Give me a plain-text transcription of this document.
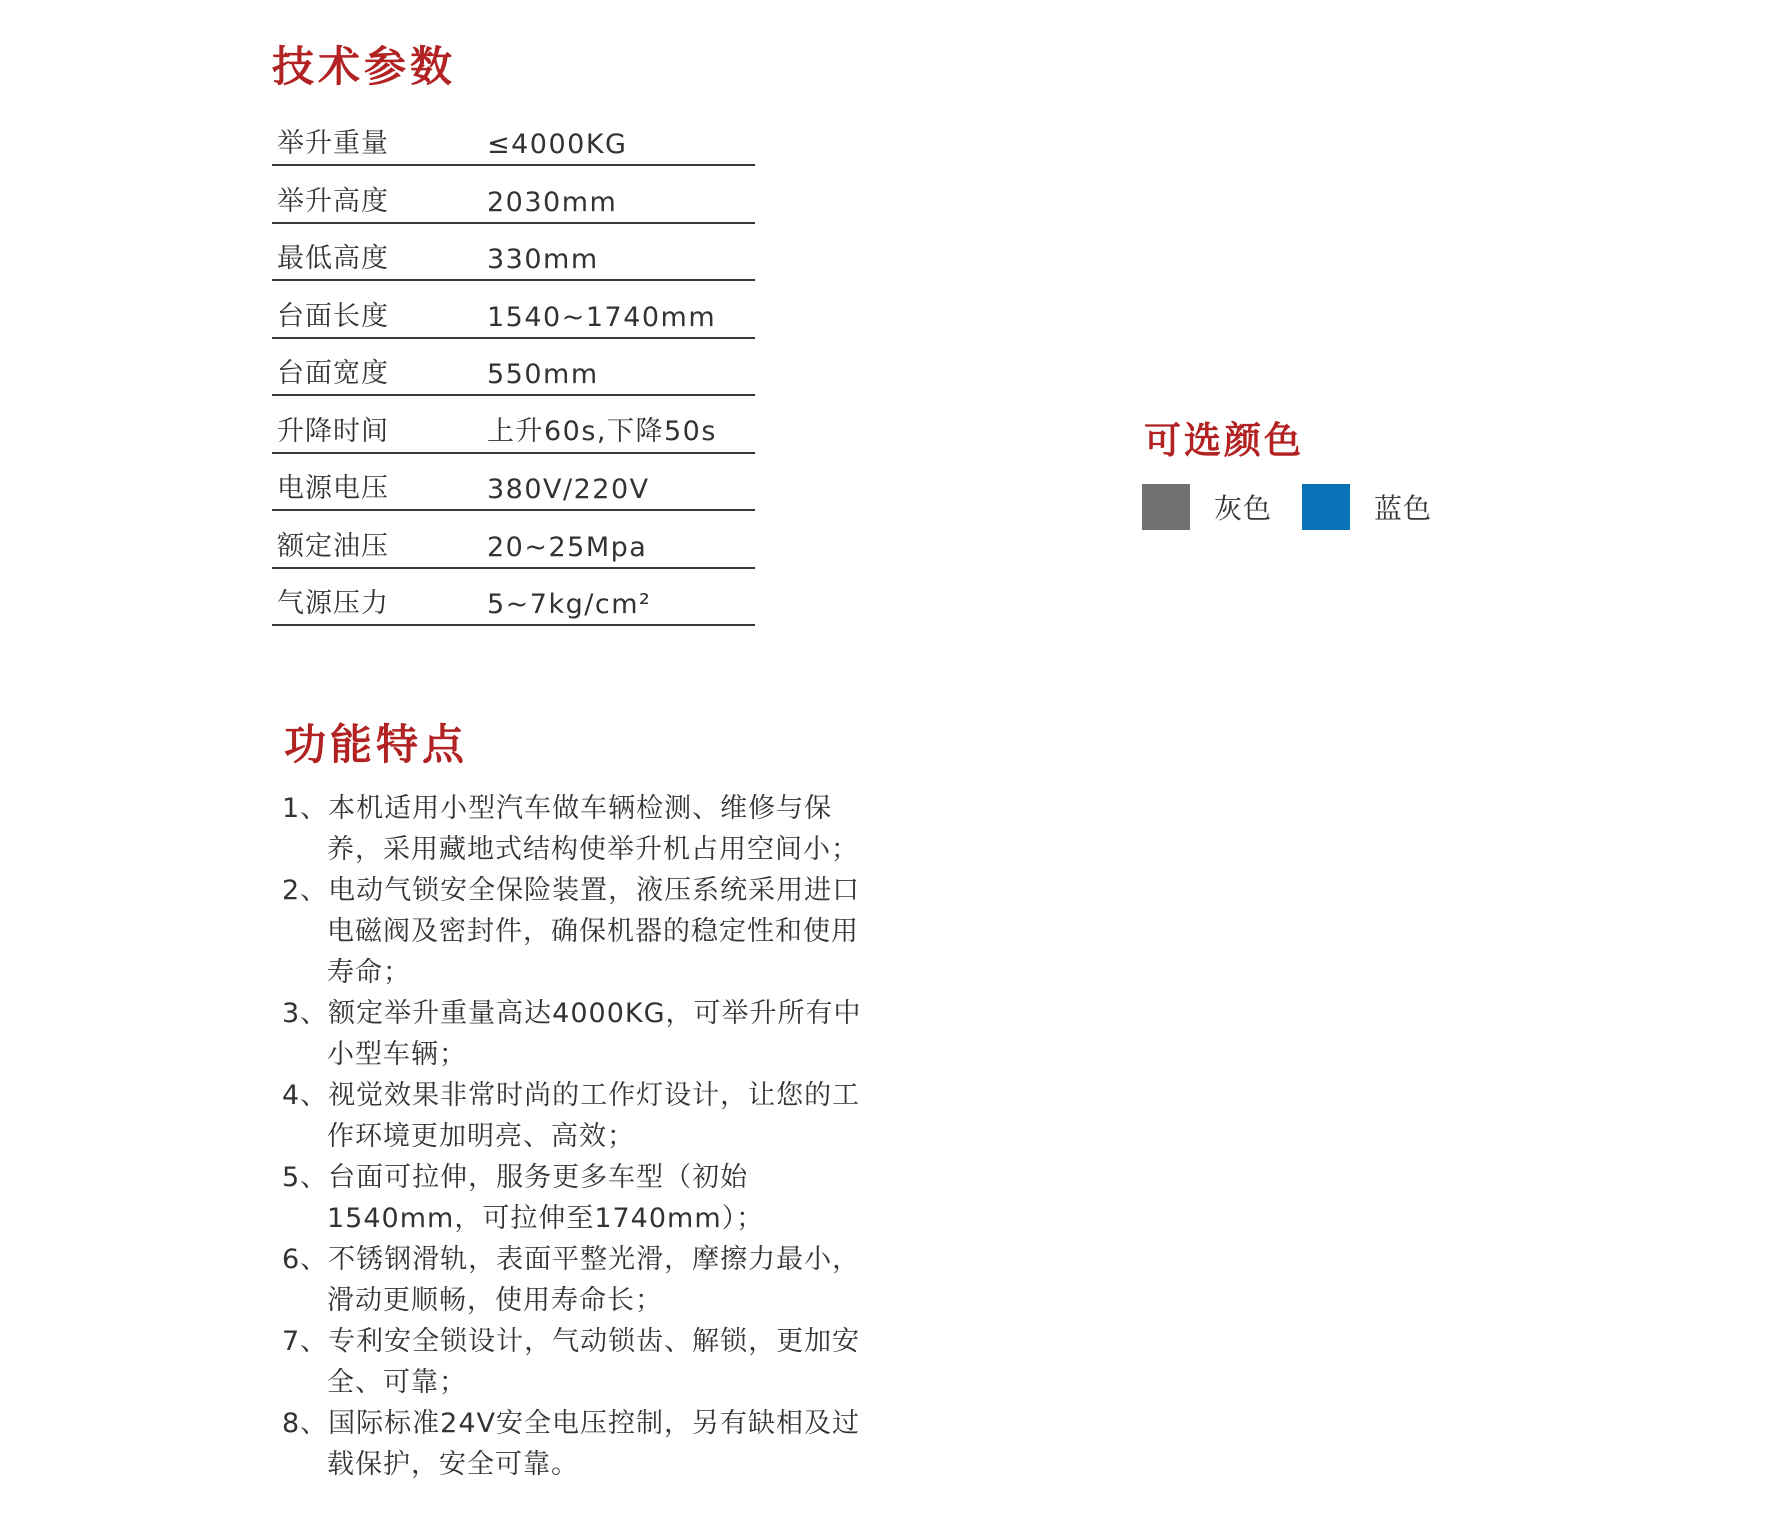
技术参数
举升重量	≤4000KG
举升高度	2030mm
最低高度	330mm
台面长度	1540~1740mm
台面宽度	550mm
升降时间	上升60s,下降50s
电源电压	380V/220V
额定油压	20~25Mpa
气源压力	5~7kg/cm²
功能特点
1、本机适用小型汽车做车辆检测、维修与保养，采用藏地式结构使举升机占用空间小；
2、电动气锁安全保险装置，液压系统采用进口电磁阀及密封件，确保机器的稳定性和使用寿命；
3、额定举升重量高达4000KG，可举升所有中小型车辆；
4、视觉效果非常时尚的工作灯设计，让您的工作环境更加明亮、高效；
5、台面可拉伸，服务更多车型（初始1540mm，可拉伸至1740mm）；
6、不锈钢滑轨，表面平整光滑，摩擦力最小，滑动更顺畅，使用寿命长；
7、专利安全锁设计，气动锁齿、解锁，更加安全、可靠；
8、国际标准24V安全电压控制，另有缺相及过载保护，安全可靠。
可选颜色
灰色	蓝色
